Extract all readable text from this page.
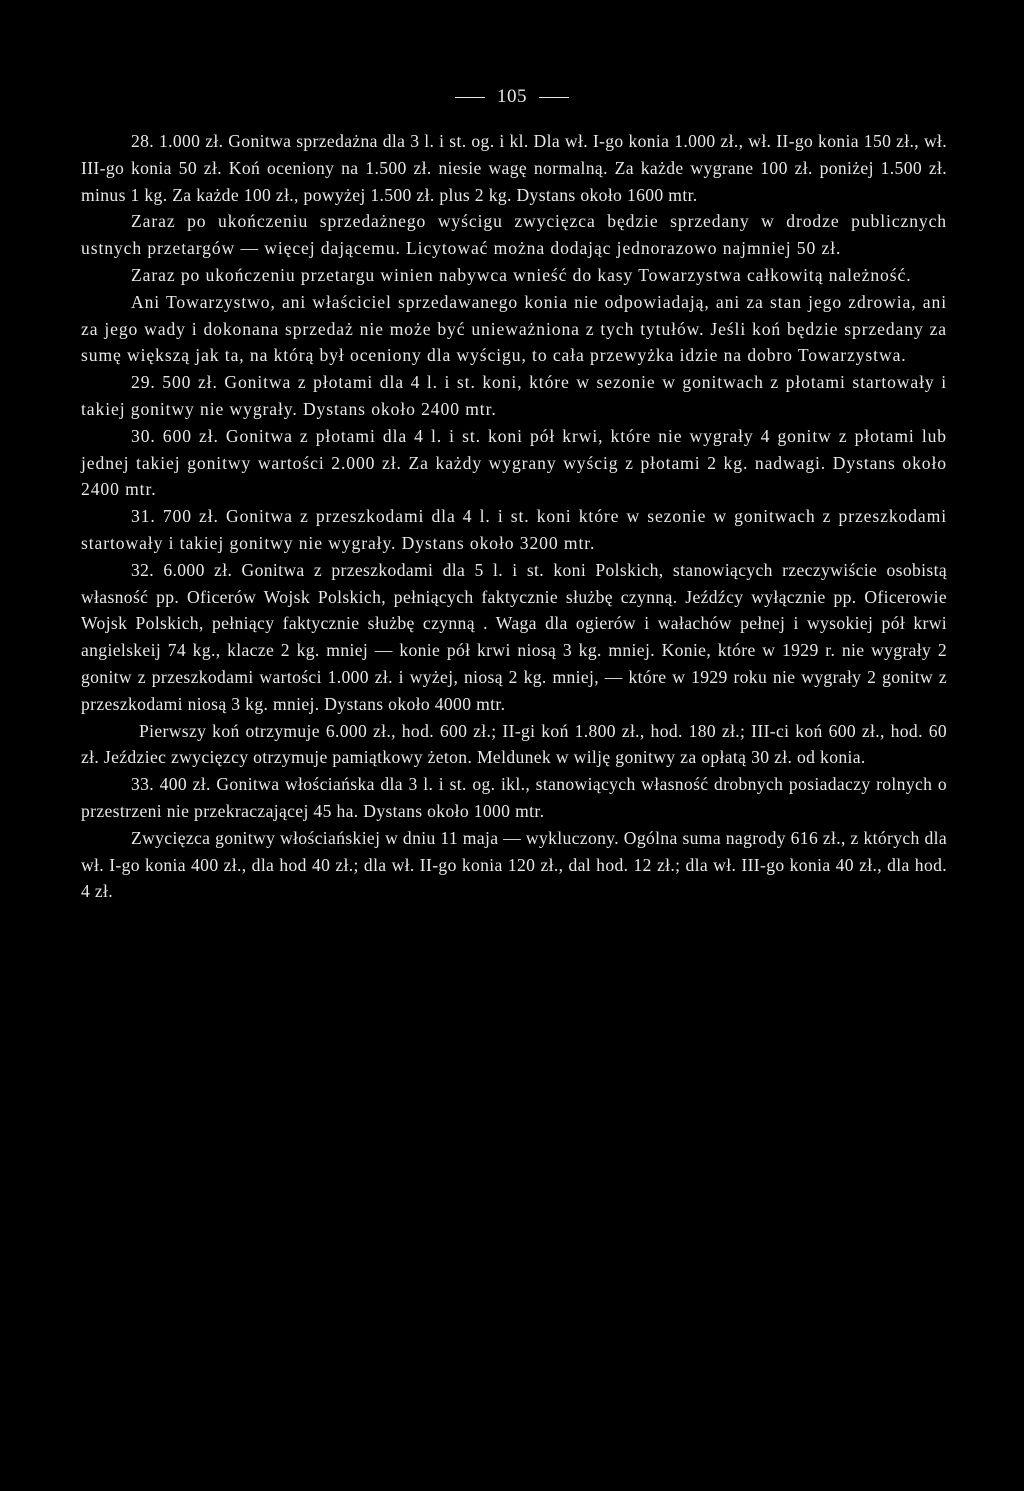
105

28. 1.000 zł. Gonitwa sprzedażna dla 3 l. i st. og. i kl. Dla wł. I-go konia 1.000 zł., wł. II-go konia 150 zł., wł. III-go konia 50 zł. Koń oceniony na 1.500 zł. niesie wagę normalną. Za każde wygrane 100 zł. poniżej 1.500 zł. minus 1 kg. Za każde 100 zł., powyżej 1.500 zł. plus 2 kg. Dystans około 1600 mtr.

Zaraz po ukończeniu sprzedażnego wyścigu zwycięzca będzie sprzedany w drodze publicznych ustnych przetargów — więcej dającemu. Licytować można dodając jednorazowo najmniej 50 zł.

Zaraz po ukończeniu przetargu winien nabywca wnieść do kasy Towarzystwa całkowitą należność.

Ani Towarzystwo, ani właściciel sprzedawanego konia nie odpowiadają, ani za stan jego zdrowia, ani za jego wady i dokonana sprzedaż nie może być unieważniona z tych tytułów. Jeśli koń będzie sprzedany za sumę większą jak ta, na którą był oceniony dla wyścigu, to cała przewyżka idzie na dobro Towarzystwa.

29. 500 zł. Gonitwa z płotami dla 4 l. i st. koni, które w sezonie w gonitwach z płotami startowały i takiej gonitwy nie wygrały. Dystans około 2400 mtr.

30. 600 zł. Gonitwa z płotami dla 4 l. i st. koni pół krwi, które nie wygrały 4 gonitw z płotami lub jednej takiej gonitwy wartości 2.000 zł. Za każdy wygrany wyścig z płotami 2 kg. nadwagi. Dystans około 2400 mtr.

31. 700 zł. Gonitwa z przeszkodami dla 4 l. i st. koni które w sezonie w gonitwach z przeszkodami startowały i takiej gonitwy nie wygrały. Dystans około 3200 mtr.

32. 6.000 zł. Gonitwa z przeszkodami dla 5 l. i st. koni Polskich, stanowiących rzeczywiście osobistą własność pp. Oficerów Wojsk Polskich, pełniących faktycznie służbę czynną. Jeźdźcy wyłącznie pp. Oficerowie Wojsk Polskich, pełniący faktycznie służbę czynną . Waga dla ogierów i wałachów pełnej i wysokiej pół krwi angielskeij 74 kg., klacze 2 kg. mniej — konie pół krwi niosą 3 kg. mniej. Konie, które w 1929 r. nie wygrały 2 gonitw z przeszkodami wartości 1.000 zł. i wyżej, niosą 2 kg. mniej, — które w 1929 roku nie wygrały 2 gonitw z przeszkodami niosą 3 kg. mniej. Dystans około 4000 mtr.

Pierwszy koń otrzymuje 6.000 zł., hod. 600 zł.; II-gi koń 1.800 zł., hod. 180 zł.; III-ci koń 600 zł., hod. 60 zł. Jeździec zwycięzcy otrzymuje pamiątkowy żeton. Meldunek w wilję gonitwy za opłatą 30 zł. od konia.

33. 400 zł. Gonitwa włościańska dla 3 l. i st. og. ikl., stanowiących własność drobnych posiadaczy rolnych o przestrzeni nie przekraczającej 45 ha. Dystans około 1000 mtr.

Zwycięzca gonitwy włościańskiej w dniu 11 maja — wykluczony. Ogólna suma nagrody 616 zł., z których dla wł. I-go konia 400 zł., dla hod 40 zł.; dla wł. II-go konia 120 zł., dal hod. 12 zł.; dla wł. III-go konia 40 zł., dla hod. 4 zł.
